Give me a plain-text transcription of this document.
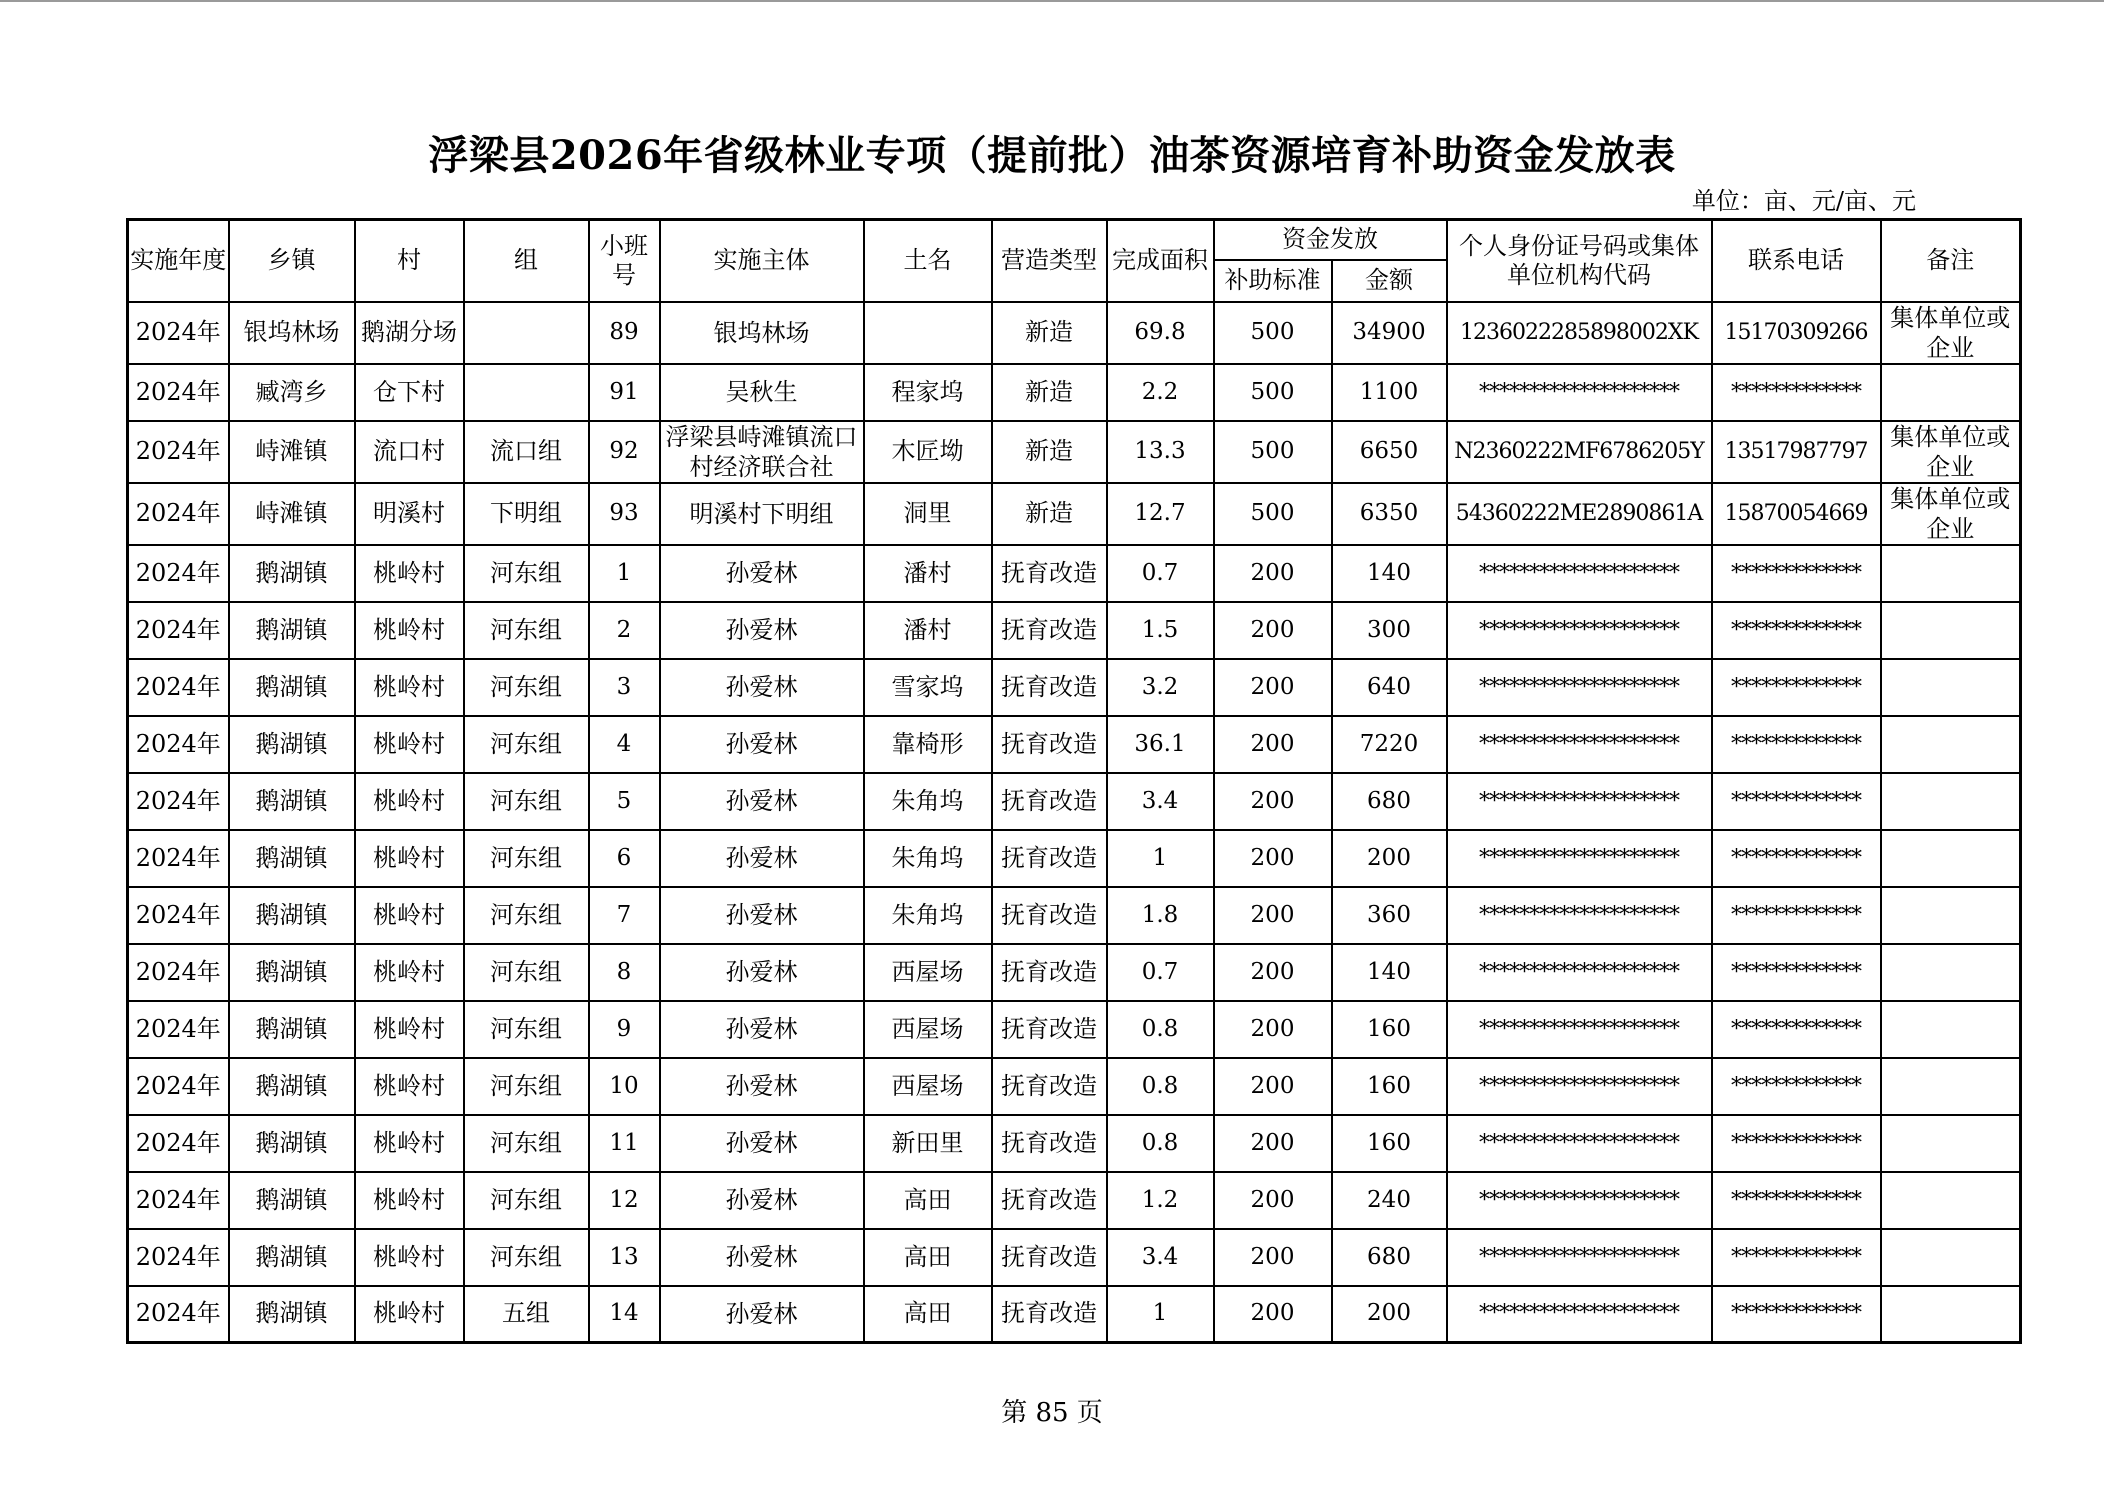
浮梁县2026年省级林业专项（提前批）油茶资源培育补助资金发放表
单位：亩、元/亩、元
实施年度	乡镇	村	组	小班号	实施主体	土名	营造类型	完成面积	资金发放		个人身份证号码或集体单位机构代码	联系电话	备注
									补助标准	金额			
2024年	银坞林场	鹅湖分场		89	银坞林场		新造	69.8	500	34900	1236022285898002XK	15170309266	集体单位或企业
2024年	臧湾乡	仓下村		91	吴秋生	程家坞	新造	2.2	500	1100	********************	*************	
2024年	峙滩镇	流口村	流口组	92	浮梁县峙滩镇流口村经济联合社	木匠坳	新造	13.3	500	6650	N2360222MF6786205Y	13517987797	集体单位或企业
2024年	峙滩镇	明溪村	下明组	93	明溪村下明组	洞里	新造	12.7	500	6350	54360222ME2890861A	15870054669	集体单位或企业
2024年	鹅湖镇	桃岭村	河东组	1	孙爱林	潘村	抚育改造	0.7	200	140	********************	*************	
2024年	鹅湖镇	桃岭村	河东组	2	孙爱林	潘村	抚育改造	1.5	200	300	********************	*************	
2024年	鹅湖镇	桃岭村	河东组	3	孙爱林	雪家坞	抚育改造	3.2	200	640	********************	*************	
2024年	鹅湖镇	桃岭村	河东组	4	孙爱林	靠椅形	抚育改造	36.1	200	7220	********************	*************	
2024年	鹅湖镇	桃岭村	河东组	5	孙爱林	朱角坞	抚育改造	3.4	200	680	********************	*************	
2024年	鹅湖镇	桃岭村	河东组	6	孙爱林	朱角坞	抚育改造	1	200	200	********************	*************	
2024年	鹅湖镇	桃岭村	河东组	7	孙爱林	朱角坞	抚育改造	1.8	200	360	********************	*************	
2024年	鹅湖镇	桃岭村	河东组	8	孙爱林	西屋场	抚育改造	0.7	200	140	********************	*************	
2024年	鹅湖镇	桃岭村	河东组	9	孙爱林	西屋场	抚育改造	0.8	200	160	********************	*************	
2024年	鹅湖镇	桃岭村	河东组	10	孙爱林	西屋场	抚育改造	0.8	200	160	********************	*************	
2024年	鹅湖镇	桃岭村	河东组	11	孙爱林	新田里	抚育改造	0.8	200	160	********************	*************	
2024年	鹅湖镇	桃岭村	河东组	12	孙爱林	高田	抚育改造	1.2	200	240	********************	*************	
2024年	鹅湖镇	桃岭村	河东组	13	孙爱林	高田	抚育改造	3.4	200	680	********************	*************	
2024年	鹅湖镇	桃岭村	五组	14	孙爱林	高田	抚育改造	1	200	200	********************	*************	
第 85 页
